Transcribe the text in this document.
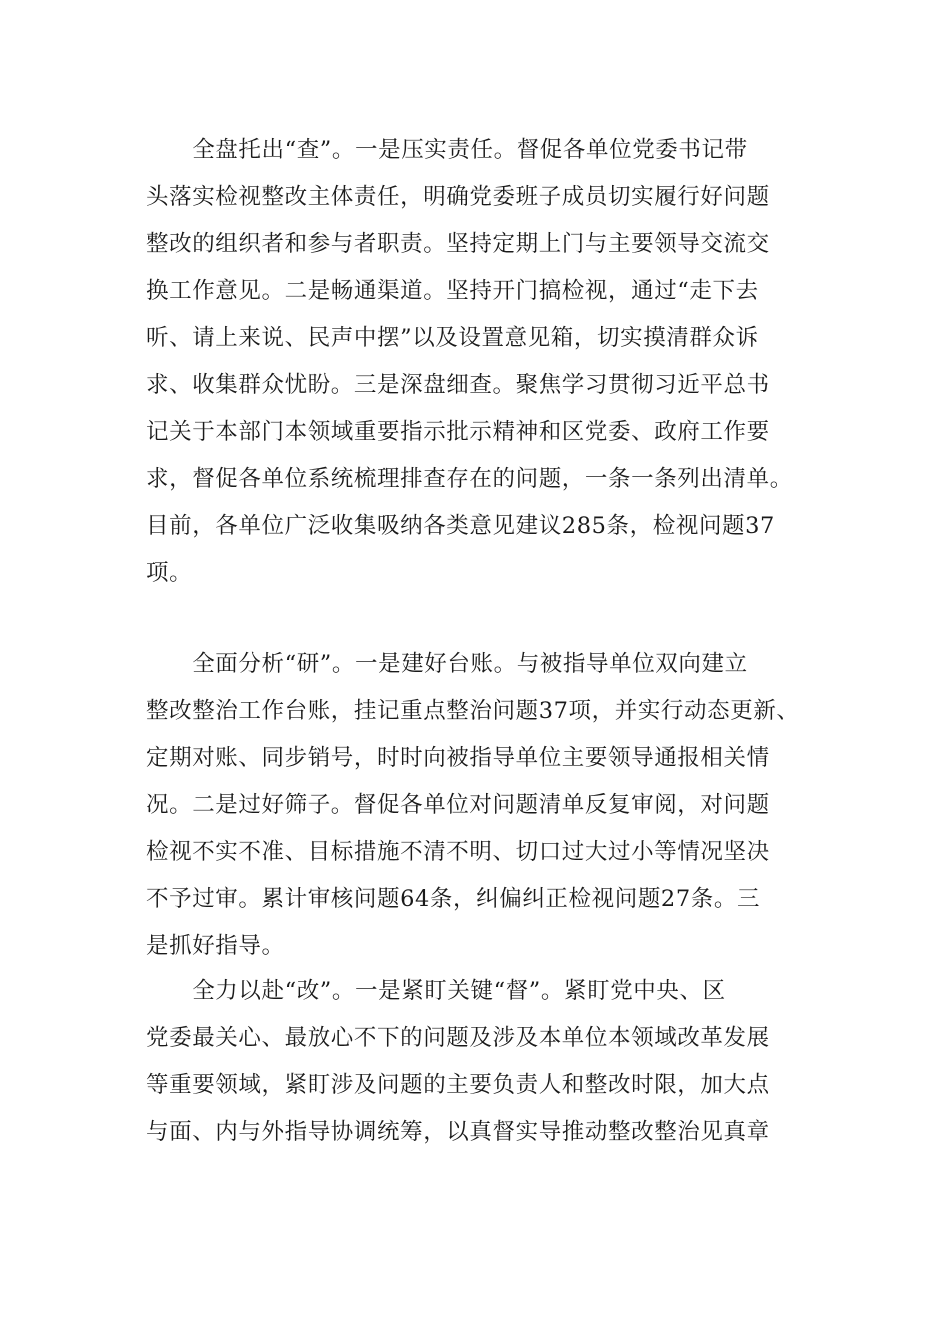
　　全盘托出“查”。一是压实责任。督促各单位党委书记带
头落实检视整改主体责任，明确党委班子成员切实履行好问题
整改的组织者和参与者职责。坚持定期上门与主要领导交流交
换工作意见。二是畅通渠道。坚持开门搞检视，通过“走下去
听、请上来说、民声中摆”以及设置意见箱，切实摸清群众诉
求、收集群众忧盼。三是深盘细查。聚焦学习贯彻习近平总书
记关于本部门本领域重要指示批示精神和区党委、政府工作要
求，督促各单位系统梳理排查存在的问题，一条一条列出清单。
目前，各单位广泛收集吸纳各类意见建议285条，检视问题37
项。
　　全面分析“研”。一是建好台账。与被指导单位双向建立
整改整治工作台账，挂记重点整治问题37项，并实行动态更新、
定期对账、同步销号，时时向被指导单位主要领导通报相关情
况。二是过好筛子。督促各单位对问题清单反复审阅，对问题
检视不实不准、目标措施不清不明、切口过大过小等情况坚决
不予过审。累计审核问题64条，纠偏纠正检视问题27条。三
是抓好指导。
　　全力以赴“改”。一是紧盯关键“督”。紧盯党中央、区
党委最关心、最放心不下的问题及涉及本单位本领域改革发展
等重要领域，紧盯涉及问题的主要负责人和整改时限，加大点
与面、内与外指导协调统筹，以真督实导推动整改整治见真章
